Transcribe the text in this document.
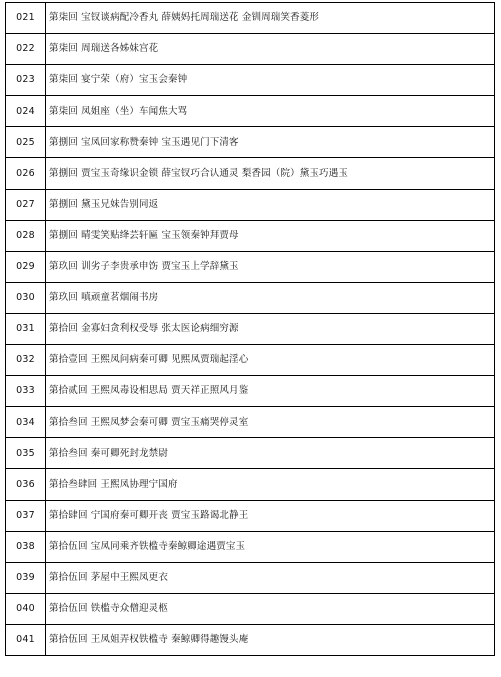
021	第柒回 宝钗谈病配冷香丸 薛姨妈托周瑞送花 金钏周瑞笑香菱形
022	第柒回 周瑞送各姊妹宫花
023	第柒回 宴宁荣（府）宝玉会秦钟
024	第柒回 凤姐座（坐）车闻焦大骂
025	第捌回 宝凤回家称赞秦钟 宝玉遇见门下清客
026	第捌回 贾宝玉奇缘识金锁 薛宝钗巧合认通灵 梨香园（院）黛玉巧遇玉
027	第捌回 黛玉兄妹告别同返
028	第捌回 晴雯笑贴绛芸轩匾 宝玉领秦钟拜贾母
029	第玖回 训劣子李贵承申饬 贾宝玉上学辞黛玉
030	第玖回 嗔顽童茗烟闹书房
031	第拾回 金寡妇贪利权受辱 张太医论病细穷源
032	第拾壹回 王熙凤问病秦可卿 见熙凤贾瑞起淫心
033	第拾贰回 王熙凤毒设相思局 贾天祥正照风月鉴
034	第拾叁回 王熙凤梦会秦可卿 贾宝玉痛哭停灵室
035	第拾叁回 秦可卿死封龙禁尉
036	第拾叁肆回 王熙凤协理宁国府
037	第拾肆回 宁国府秦可卿开丧 贾宝玉路谒北静王
038	第拾伍回 宝凤同乘齐铁槛寺秦鲸卿途遇贾宝玉
039	第拾伍回 茅屋中王熙凤更衣
040	第拾伍回 铁槛寺众僧迎灵柩
041	第拾伍回 王凤姐弄权铁槛寺 秦鲸卿得趣馒头庵
